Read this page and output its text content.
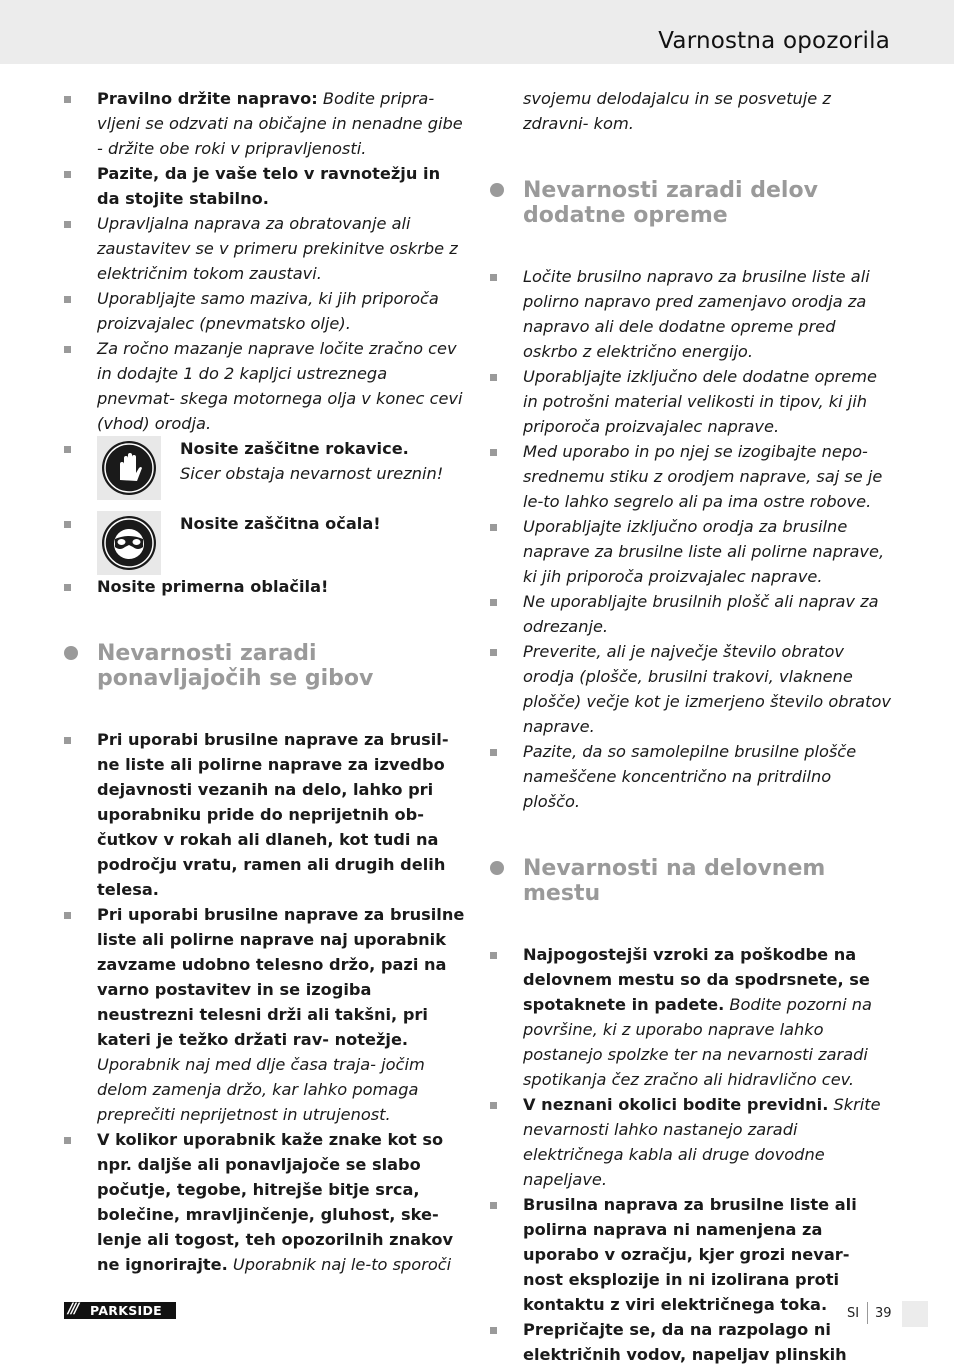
Varnostna opozorila
Pravilno držite napravo: Bodite pripra- vljeni se odzvati na običajne in nenadne gibe - držite obe roki v pripravljenosti.
Pazite, da je vaše telo v ravnotežju in da stojite stabilno.
Upravljalna naprava za obratovanje ali zaustavitev se v primeru prekinitve oskrbe z električnim tokom zaustavi.
Uporabljajte samo maziva, ki jih priporoča proizvajalec (pnevmatsko olje).
Za ročno mazanje naprave ločite zračno cev in dodajte 1 do 2 kapljci ustreznega pnevmat- skega motornega olja v konec cevi (vhod) orodja.
Nosite zaščitne rokavice.
Sicer obstaja nevarnost ureznin!
Nosite zaščitna očala!
Nosite primerna oblačila!
Nevarnosti zaradi ponavljajočih se gibov
Pri uporabi brusilne naprave za brusil- ne liste ali polirne naprave za izvedbo dejavnosti vezanih na delo, lahko pri uporabniku pride do neprijetnih ob- čutkov v rokah ali dlaneh, kot tudi na področju vratu, ramen ali drugih delih telesa.
Pri uporabi brusilne naprave za brusilne liste ali polirne naprave naj uporabnik zavzame udobno telesno držo, pazi na varno postavitev in se izogiba neustrezni telesni drži ali takšni, pri kateri je težko držati rav- notežje. Uporabnik naj med dlje časa traja- jočim delom zamenja držo, kar lahko pomaga preprečiti neprijetnost in utrujenost.
V kolikor uporabnik kaže znake kot so npr. daljše ali ponavljajoče se slabo počutje, tegobe, hitrejše bitje srca, bolečine, mravljinčenje, gluhost, ske- lenje ali togost, teh opozorilnih znakov ne ignorirajte. Uporabnik naj le-to sporoči
svojemu delodajalcu in se posvetuje z zdravni- kom.
Nevarnosti zaradi delov dodatne opreme
Ločite brusilno napravo za brusilne liste ali polirno napravo pred zamenjavo orodja za napravo ali dele dodatne opreme pred oskrbo z električno energijo.
Uporabljajte izključno dele dodatne opreme in potrošni material velikosti in tipov, ki jih priporoča proizvajalec naprave.
Med uporabo in po njej se izogibajte nepo- srednemu stiku z orodjem naprave, saj se je le-to lahko segrelo ali pa ima ostre robove.
Uporabljajte izključno orodja za brusilne naprave za brusilne liste ali polirne naprave, ki jih priporoča proizvajalec naprave.
Ne uporabljajte brusilnih plošč ali naprav za odrezanje.
Preverite, ali je največje število obratov orodja (plošče, brusilni trakovi, vlaknene plošče) večje kot je izmerjeno število obratov naprave.
Pazite, da so samolepilne brusilne plošče nameščene koncentrično na pritrdilno ploščo.
Nevarnosti na delovnem mestu
Najpogostejši vzroki za poškodbe na delovnem mestu so da spodrsnete, se spotaknete in padete. Bodite pozorni na površine, ki z uporabo naprave lahko postanejo spolzke ter na nevarnosti zaradi spotikanja čez zračno ali hidravlično cev.
V neznani okolici bodite previdni. Skrite nevarnosti lahko nastanejo zaradi električnega kabla ali druge dovodne napeljave.
Brusilna naprava za brusilne liste ali polirna naprava ni namenjena za uporabo v ozračju, kjer grozi nevar- nost eksplozije in ni izolirana proti kontaktu z viri električnega toka.
Prepričajte se, da na razpolago ni električnih vodov, napeljav plinskih
/// PARKSIDE	SI 39
